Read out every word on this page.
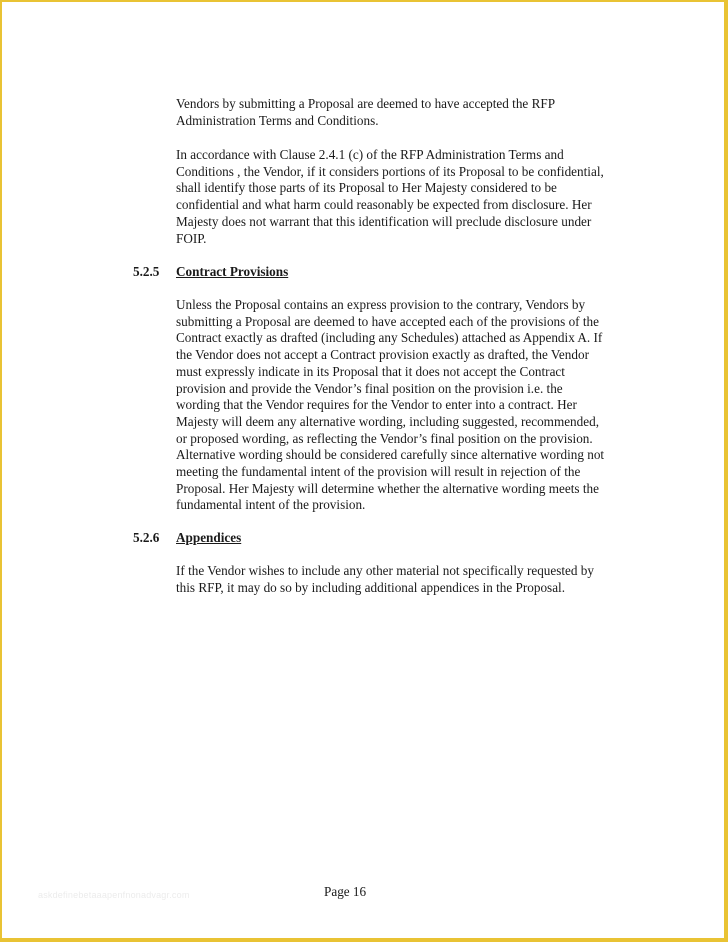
Vendors by submitting a Proposal are deemed to have accepted the RFP
Administration Terms and Conditions.
In accordance with Clause 2.4.1 (c) of the RFP Administration Terms and
Conditions , the Vendor, if it considers portions of its Proposal to be confidential,
shall identify those parts of its Proposal to Her Majesty considered to be
confidential and what harm could reasonably be expected from disclosure. Her
Majesty does not warrant that this identification will preclude disclosure under
FOIP.
5.2.5 Contract Provisions
Unless the Proposal contains an express provision to the contrary, Vendors by
submitting a Proposal are deemed to have accepted each of the provisions of the
Contract exactly as drafted (including any Schedules) attached as Appendix A. If
the Vendor does not accept a Contract provision exactly as drafted, the Vendor
must expressly indicate in its Proposal that it does not accept the Contract
provision and provide the Vendor’s final position on the provision i.e. the
wording that the Vendor requires for the Vendor to enter into a contract. Her
Majesty will deem any alternative wording, including suggested, recommended,
or proposed wording, as reflecting the Vendor’s final position on the provision.
Alternative wording should be considered carefully since alternative wording not
meeting the fundamental intent of the provision will result in rejection of the
Proposal. Her Majesty will determine whether the alternative wording meets the
fundamental intent of the provision.
5.2.6 Appendices
If the Vendor wishes to include any other material not specifically requested by
this RFP, it may do so by including additional appendices in the Proposal.
askdefinebetaaapenfnonadvagr.com	Page 16
